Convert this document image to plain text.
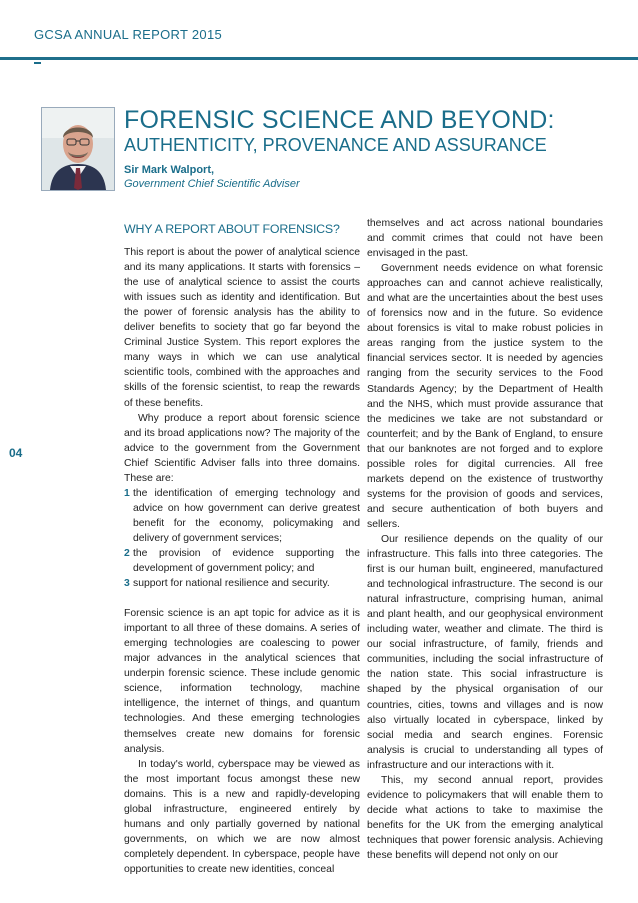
GCSA ANNUAL REPORT 2015
04
FORENSIC SCIENCE AND BEYOND:
AUTHENTICITY, PROVENANCE AND ASSURANCE
Sir Mark Walport,
Government Chief Scientific Adviser
WHY A REPORT ABOUT FORENSICS?

This report is about the power of analytical science and its many applications. It starts with forensics – the use of analytical science to assist the courts with issues such as identity and identification. But the power of forensic analysis has the ability to deliver benefits to society that go far beyond the Criminal Justice System. This report explores the many ways in which we can use analytical scientific tools, combined with the approaches and skills of the forensic scientist, to reap the rewards of these benefits.

Why produce a report about forensic science and its broad applications now? The majority of the advice to the government from the Government Chief Scientific Adviser falls into three domains. These are:

1 the identification of emerging technology and advice on how government can derive greatest benefit for the economy, policymaking and delivery of government services;
2 the provision of evidence supporting the development of government policy; and
3 support for national resilience and security.

Forensic science is an apt topic for advice as it is important to all three of these domains. A series of emerging technologies are coalescing to power major advances in the analytical sciences that underpin forensic science. These include genomic science, information technology, machine intelligence, the internet of things, and quantum technologies. And these emerging technologies themselves create new domains for forensic analysis.

In today's world, cyberspace may be viewed as the most important focus amongst these new domains. This is a new and rapidly-developing global infrastructure, engineered entirely by humans and only partially governed by national governments, on which we are now almost completely dependent. In cyberspace, people have opportunities to create new identities, conceal

themselves and act across national boundaries and commit crimes that could not have been envisaged in the past.

Government needs evidence on what forensic approaches can and cannot achieve realistically, and what are the uncertainties about the best uses of forensics now and in the future. So evidence about forensics is vital to make robust policies in areas ranging from the justice system to the financial services sector. It is needed by agencies ranging from the security services to the Food Standards Agency; by the Department of Health and the NHS, which must provide assurance that the medicines we take are not substandard or counterfeit; and by the Bank of England, to ensure that our banknotes are not forged and to explore possible roles for digital currencies. All free markets depend on the existence of trustworthy systems for the provision of goods and services, and secure authentication of both buyers and sellers.

Our resilience depends on the quality of our infrastructure. This falls into three categories. The first is our human built, engineered, manufactured and technological infrastructure. The second is our natural infrastructure, comprising human, animal and plant health, and our geophysical environment including water, weather and climate. The third is our social infrastructure, of family, friends and communities, including the social infrastructure of the nation state. This social infrastructure is shaped by the physical organisation of our countries, cities, towns and villages and is now also virtually located in cyberspace, linked by social media and search engines. Forensic analysis is crucial to understanding all types of infrastructure and our interactions with it.

This, my second annual report, provides evidence to policymakers that will enable them to decide what actions to take to maximise the benefits for the UK from the emerging analytical techniques that power forensic analysis. Achieving these benefits will depend not only on our
